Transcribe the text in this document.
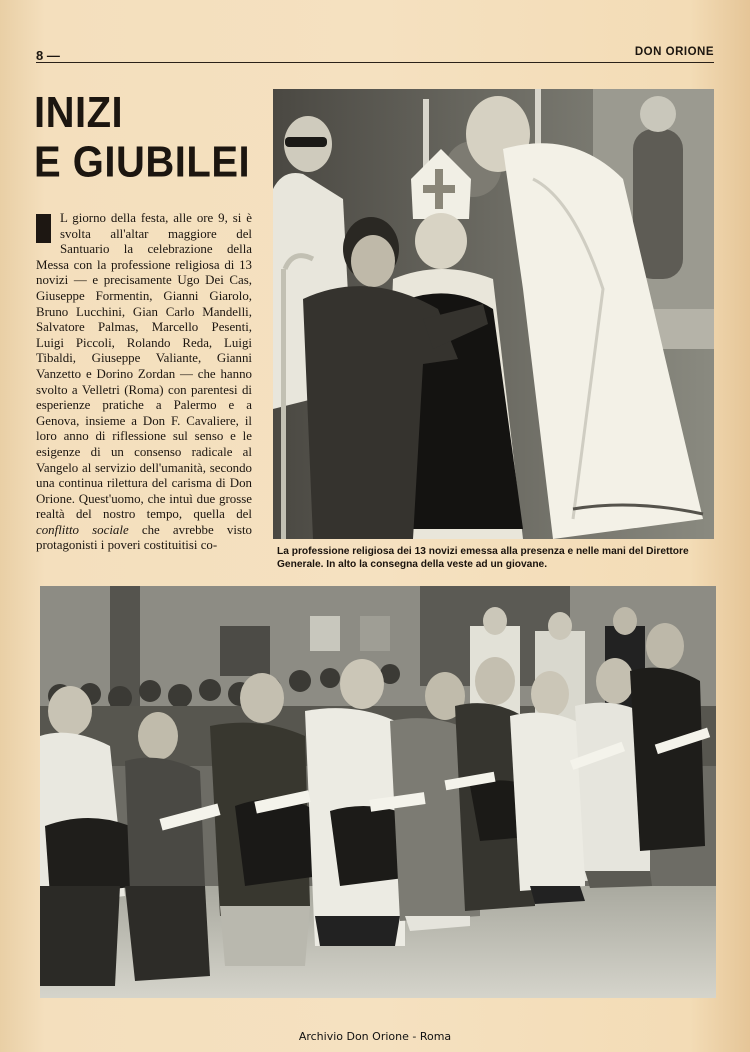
8 —	DON ORIONE
INIZI
E GIUBILEI

L giorno della festa, alle ore 9, si è svolta all'altar maggiore del Santuario la celebrazione della Messa con la professione religiosa di 13 novizi — e precisamente Ugo Dei Cas, Giuseppe Formentin, Gianni Giarolo, Bruno Lucchini, Gian Carlo Mandelli, Salvatore Palmas, Marcello Pesenti, Luigi Piccoli, Rolando Reda, Luigi Tibaldi, Giuseppe Valiante, Gianni Vanzetto e Dorino Zordan — che hanno svolto a Velletri (Roma) con parentesi di esperienze pratiche a Palermo e a Genova, insieme a Don F. Cavaliere, il loro anno di riflessione sul senso e le esigenze di un consenso radicale al Vangelo al servizio dell'umanità, secondo una continua rilettura del carisma di Don Orione. Quest'uomo, che intuì due grosse realtà del nostro tempo, quella del conflitto sociale che avrebbe visto protagonisti i poveri costituitisi co-	La professione religiosa dei 13 novizi emessa alla presenza e nelle mani del Direttore Generale. In alto la consegna della veste ad un giovane.
Archivio Don Orione - Roma
